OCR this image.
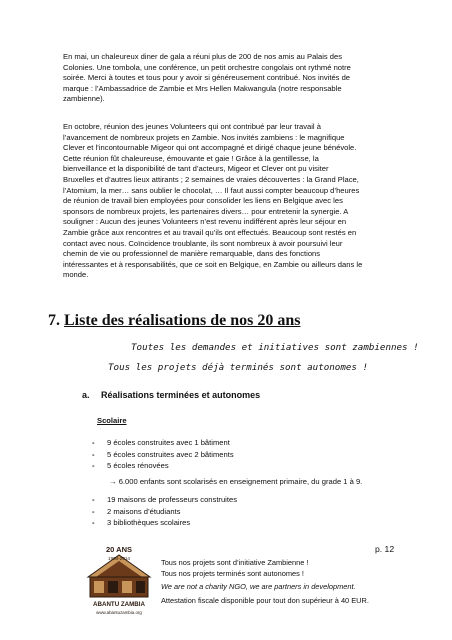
En mai, un chaleureux diner de gala a réuni plus de 200 de nos amis au Palais des
Colonies. Une tombola, une conférence, un petit orchestre congolais ont rythmé notre
soirée. Merci à toutes et tous pour y avoir si généreusement contribué. Nos invités de
marque : l’Ambassadrice de Zambie et Mrs Hellen Makwangula (notre responsable
zambienne).
En octobre, réunion des jeunes Volunteers qui ont contribué par leur travail à
l’avancement de nombreux projets en Zambie. Nos invités zambiens : le magnifique
Clever et l’incontournable Migeor qui ont accompagné et dirigé chaque jeune bénévole.
Cette réunion fût chaleureuse, émouvante et gaie ! Grâce à la gentillesse, la
bienveillance et la disponibilité de tant d’acteurs, Migeor et Clever ont pu visiter
Bruxelles et d’autres lieux attirants ; 2 semaines de vraies découvertes : la Grand Place,
l’Atomium, la mer… sans oublier le chocolat, … Il faut aussi compter beaucoup d’heures
de réunion de travail bien employées pour consolider les liens en Belgique avec les
sponsors de nombreux projets, les partenaires divers… pour entretenir la synergie. A
souligner : Aucun des jeunes Volunteers n’est revenu indifférent après leur séjour en
Zambie grâce aux rencontres et au travail qu’ils ont effectués. Beaucoup sont restés en
contact avec nous. Coïncidence troublante, ils sont nombreux à avoir poursuivi leur
chemin de vie ou professionnel de manière remarquable, dans des fonctions
intéressantes et à responsabilités, que ce soit en Belgique, en Zambie ou ailleurs dans le
monde.
7. Liste des réalisations de nos 20 ans
Toutes les demandes et initiatives sont zambiennes !
Tous les projets déjà terminés sont autonomes !
a. Réalisations terminées et autonomes
Scolaire
- 9 écoles construites avec 1 bâtiment
- 5 écoles construites avec 2 bâtiments
- 5 écoles rénovées
→ 6.000 enfants sont scolarisés en enseignement primaire, du grade 1 à 9.
- 19 maisons de professeurs construites
- 2 maisons d’étudiants
- 3 bibliothèques scolaires
20 ANS
1994-2014
ABANTU ZAMBIA
www.abantuzambia.org
p. 12
Tous nos projets sont d’initiative Zambienne !
Tous nos projets terminés sont autonomes !
We are not a charity NGO, we are partners in development.
Attestation fiscale disponible pour tout don supérieur à 40 EUR.
